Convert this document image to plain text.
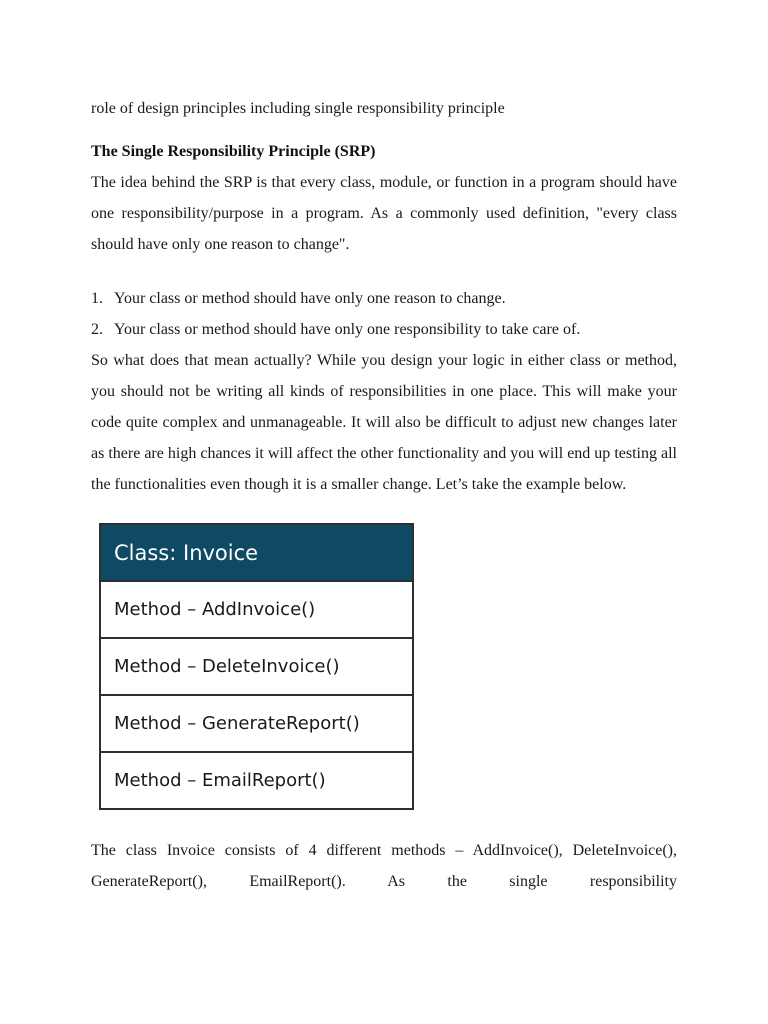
role of design principles including single responsibility principle

The Single Responsibility Principle (SRP)

The idea behind the SRP is that every class, module, or function in a program should have one responsibility/purpose in a program. As a commonly used definition, "every class should have only one reason to change".

1. Your class or method should have only one reason to change.
2. Your class or method should have only one responsibility to take care of.

So what does that mean actually? While you design your logic in either class or method, you should not be writing all kinds of responsibilities in one place. This will make your code quite complex and unmanageable. It will also be difficult to adjust new changes later as there are high chances it will affect the other functionality and you will end up testing all the functionalities even though it is a smaller change. Let’s take the example below.

Class: Invoice
Method – AddInvoice()
Method – DeleteInvoice()
Method – GenerateReport()
Method – EmailReport()

The class Invoice consists of 4 different methods – AddInvoice(), DeleteInvoice(), GenerateReport(), EmailReport(). As the single responsibility
